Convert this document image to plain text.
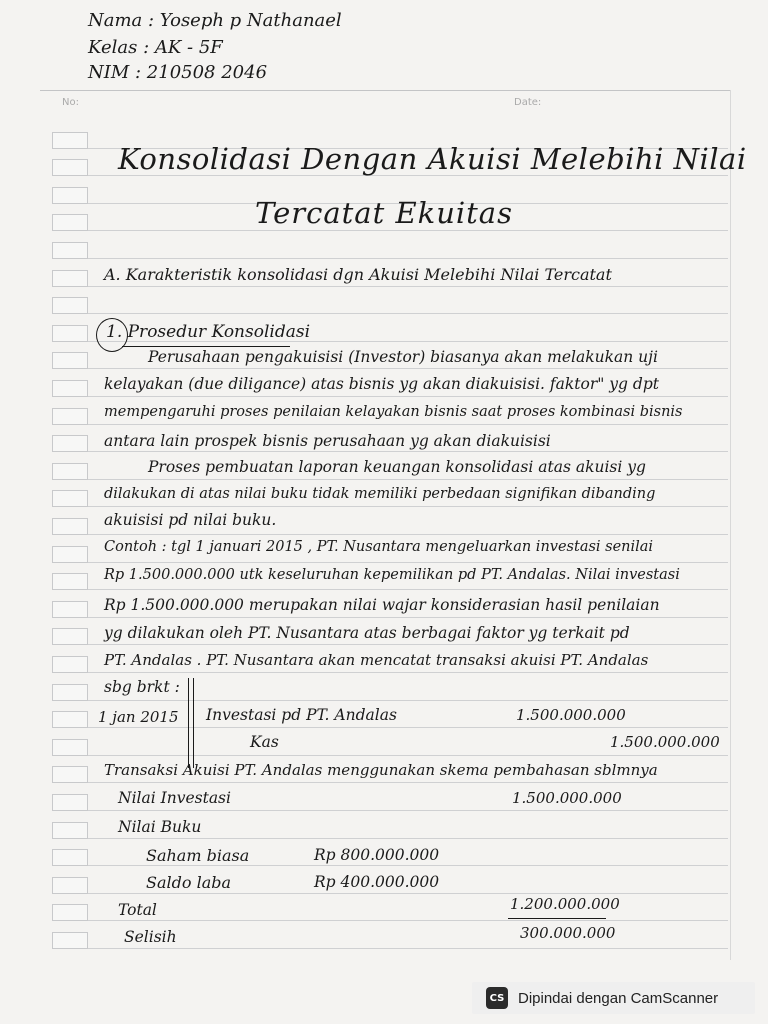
No:	Date:
Nama : Yoseph p Nathanael
Kelas : AK - 5F
NIM : 210508 2046
Konsolidasi Dengan Akuisi Melebihi Nilai
Tercatat Ekuitas
A. Karakteristik konsolidasi dgn Akuisi Melebihi Nilai Tercatat
1. Prosedur Konsolidasi
Perusahaan pengakuisisi (Investor) biasanya akan melakukan uji
kelayakan (due diligance) atas bisnis yg akan diakuisisi. faktor" yg dpt
mempengaruhi proses penilaian kelayakan bisnis saat proses kombinasi bisnis
antara lain prospek bisnis perusahaan yg akan diakuisisi
Proses pembuatan laporan keuangan konsolidasi atas akuisi yg
dilakukan di atas nilai buku tidak memiliki perbedaan signifikan dibanding
akuisisi pd nilai buku.
Contoh : tgl 1 januari 2015 , PT. Nusantara mengeluarkan investasi senilai
Rp 1.500.000.000 utk keseluruhan kepemilikan pd PT. Andalas. Nilai investasi
Rp 1.500.000.000 merupakan nilai wajar konsiderasian hasil penilaian
yg dilakukan oleh PT. Nusantara atas berbagai faktor yg terkait pd
PT. Andalas . PT. Nusantara akan mencatat transaksi akuisi PT. Andalas
sbg brkt :
1 jan 2015 Investasi pd PT. Andalas	1.500.000.000
Kas	1.500.000.000
Transaksi Akuisi PT. Andalas menggunakan skema pembahasan sblmnya
Nilai Investasi	1.500.000.000
Nilai Buku
Saham biasa	Rp 800.000.000
Saldo laba	Rp 400.000.000
Total	1.200.000.000
Selisih	300.000.000
CS Dipindai dengan CamScanner
